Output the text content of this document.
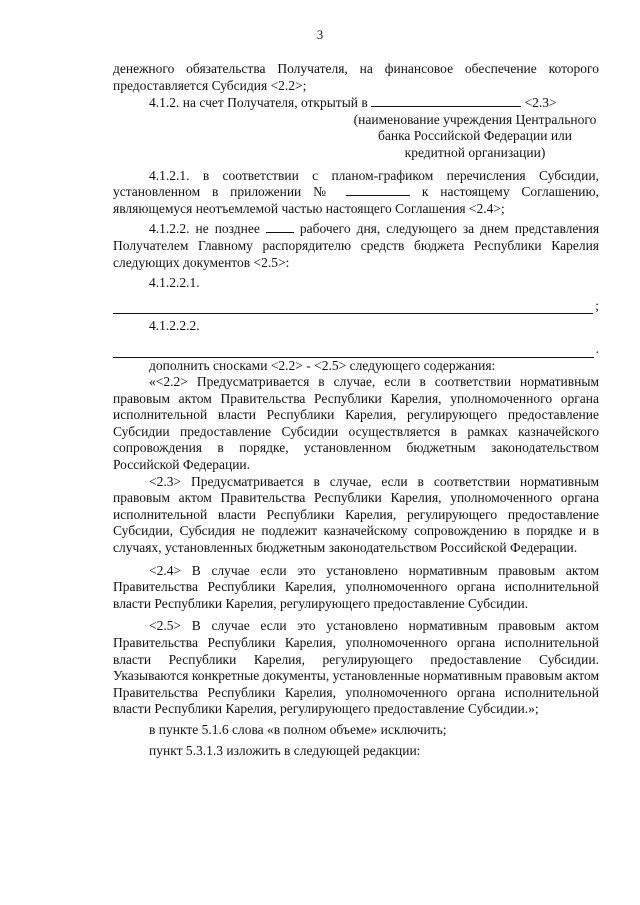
3

денежного обязательства Получателя, на финансовое обеспечение которого предоставляется Субсидия <2.2>;

4.1.2. на счет Получателя, открытый в	<2.3>

(наименование учреждения Центрального банка Российской Федерации или кредитной организации)

4.1.2.1. в соответствии с планом-графиком перечисления Субсидии, установленном в приложении №	к настоящему Соглашению, являющемуся неотъемлемой частью настоящего Соглашения <2.4>;

4.1.2.2. не позднее	рабочего дня, следующего за днем представления Получателем Главному распорядителю средств бюджета Республики Карелия следующих документов <2.5>:

4.1.2.2.1.

;

4.1.2.2.2.

.

дополнить сносками <2.2> - <2.5> следующего содержания:

«<2.2> Предусматривается в случае, если в соответствии нормативным правовым актом Правительства Республики Карелия, уполномоченного органа исполнительной власти Республики Карелия, регулирующего предоставление Субсидии предоставление Субсидии осуществляется в рамках казначейского сопровождения в порядке, установленном бюджетным законодательством Российской Федерации.

<2.3> Предусматривается в случае, если в соответствии нормативным правовым актом Правительства Республики Карелия, уполномоченного органа исполнительной власти Республики Карелия, регулирующего предоставление Субсидии, Субсидия не подлежит казначейскому сопровождению в порядке и в случаях, установленных бюджетным законодательством Российской Федерации.

<2.4> В случае если это установлено нормативным правовым актом Правительства Республики Карелия, уполномоченного органа исполнительной власти Республики Карелия, регулирующего предоставление Субсидии.

<2.5> В случае если это установлено нормативным правовым актом Правительства Республики Карелия, уполномоченного органа исполнительной власти Республики Карелия, регулирующего предоставление Субсидии. Указываются конкретные документы, установленные нормативным правовым актом Правительства Республики Карелия, уполномоченного органа исполнительной власти Республики Карелия, регулирующего предоставление Субсидии.»;

в пункте 5.1.6 слова «в полном объеме» исключить;

пункт 5.3.1.3 изложить в следующей редакции:
